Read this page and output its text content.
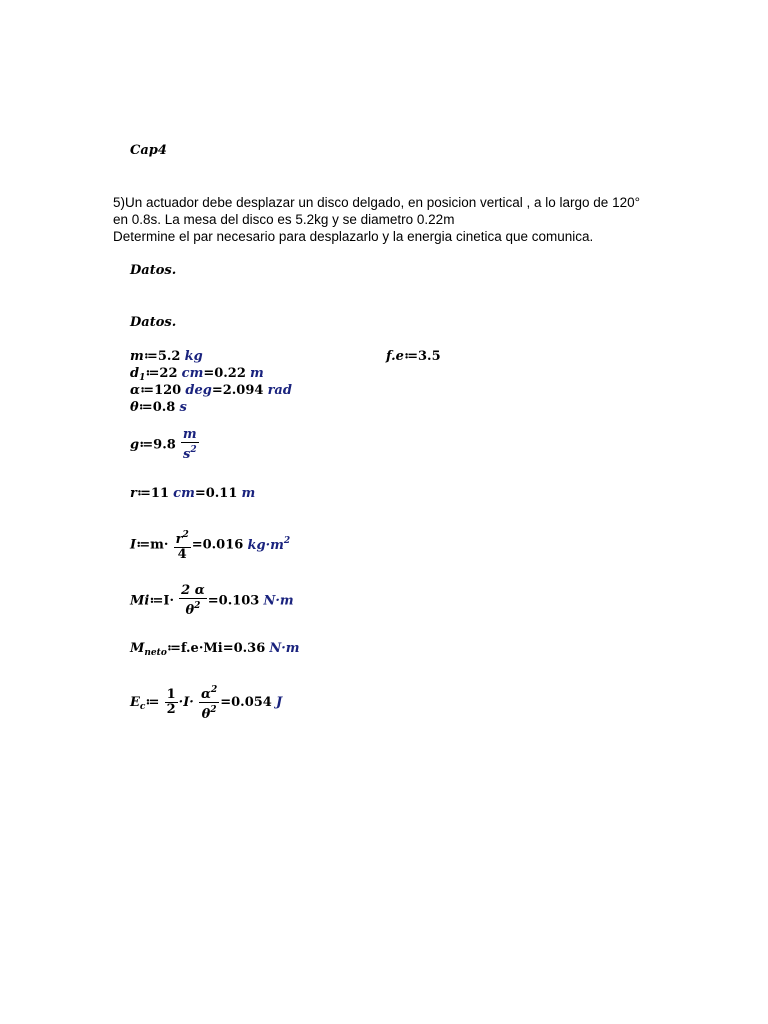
Cap4
5)Un actuador debe desplazar un disco delgado, en posicion vertical , a lo largo de 120°
en 0.8s. La mesa del disco es 5.2kg y se diametro 0.22m
Determine el par necesario para desplazarlo y la energia cinetica que comunica.
Datos.
Datos.
m≔5.2 kg	f.e≔3.5
$d_1≔22$ cm=0.22 m
α≔120 deg=2.094 rad
θ≔0.8 s
g≔9.8 $\frac{m}{s^2}$
r≔11 cm=0.11 m
I≔m· $\frac{r^2}{4} =0.016$ $kg\cdot m^2$
Mi≔I· $\frac{2 \alpha}{\theta^2} =0.103$ N·m
$M_{neto}≔f.e\cdot Mi=0.36$ N·m
$E_c≔ \frac{1}{2} \cdot I\cdot \frac{\alpha^2}{\theta^2} =0.054$ J
